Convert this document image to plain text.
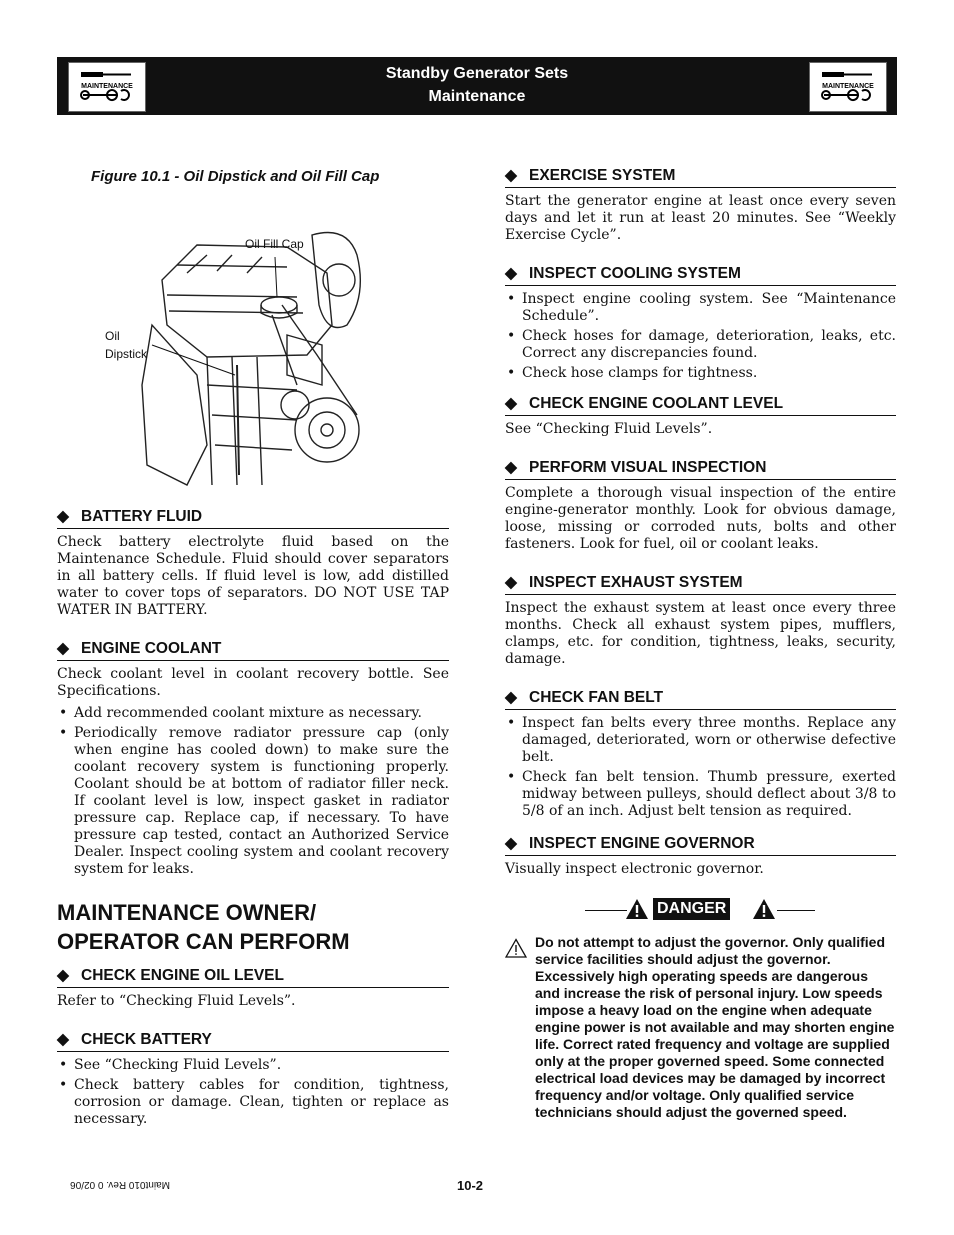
MAINTENANCE
Standby Generator Sets
Maintenance
MAINTENANCE
Figure 10.1 - Oil Dipstick and Oil Fill Cap
Oil Fill Cap
Oil
Dipstick
◆ BATTERY FLUID

Check battery electrolyte fluid based on the Maintenance Schedule. Fluid should cover separators in all battery cells. If fluid level is low, add distilled water to cover tops of separators. DO NOT USE TAP WATER IN BATTERY.

◆ ENGINE COOLANT

Check coolant level in coolant recovery bottle. See Specifications.

• Add recommended coolant mixture as necessary.
• Periodically remove radiator pressure cap (only when engine has cooled down) to make sure the coolant recovery system is functioning properly. Coolant should be at bottom of radiator filler neck. If coolant level is low, inspect gasket in radiator pressure cap. Replace cap, if necessary. To have pressure cap tested, contact an Authorized Service Dealer. Inspect cooling system and coolant recovery system for leaks.
MAINTENANCE OWNER/
OPERATOR CAN PERFORM
◆ CHECK ENGINE OIL LEVEL

Refer to “Checking Fluid Levels”.

◆ CHECK BATTERY
• See “Checking Fluid Levels”.
• Check battery cables for condition, tightness, corrosion or damage. Clean, tighten or replace as necessary.
◆ EXERCISE SYSTEM

Start the generator engine at least once every seven days and let it run at least 20 minutes. See “Weekly Exercise Cycle”.

◆ INSPECT COOLING SYSTEM
• Inspect engine cooling system. See “Maintenance Schedule”.
• Check hoses for damage, deterioration, leaks, etc. Correct any discrepancies found.
• Check hose clamps for tightness.
◆ CHECK ENGINE COOLANT LEVEL

See “Checking Fluid Levels”.

◆ PERFORM VISUAL INSPECTION

Complete a thorough visual inspection of the entire engine-generator monthly. Look for obvious damage, loose, missing or corroded nuts, bolts and other fasteners. Look for fuel, oil or coolant leaks.

◆ INSPECT EXHAUST SYSTEM

Inspect the exhaust system at least once every three months. Check all exhaust system pipes, mufflers, clamps, etc. for condition, tightness, leaks, security, damage.

◆ CHECK FAN BELT
• Inspect fan belts every three months. Replace any damaged, deteriorated, worn or otherwise defective belt.
• Check fan belt tension. Thumb pressure, exerted midway between pulleys, should deflect about 3/8 to 5/8 of an inch. Adjust belt tension as required.
◆ INSPECT ENGINE GOVERNOR

Visually inspect electronic governor.

DANGER
Do not attempt to adjust the governor. Only qualified service facilities should adjust the governor. Excessively high operating speeds are dangerous and increase the risk of personal injury. Low speeds impose a heavy load on the engine when adequate engine power is not available and may shorten engine life. Correct rated frequency and voltage are supplied only at the proper governed speed. Some connected electrical load devices may be damaged by incorrect frequency and/or voltage. Only qualified service technicians should adjust the governed speed.
Maint010 Rev. 0 02/06	10-2
